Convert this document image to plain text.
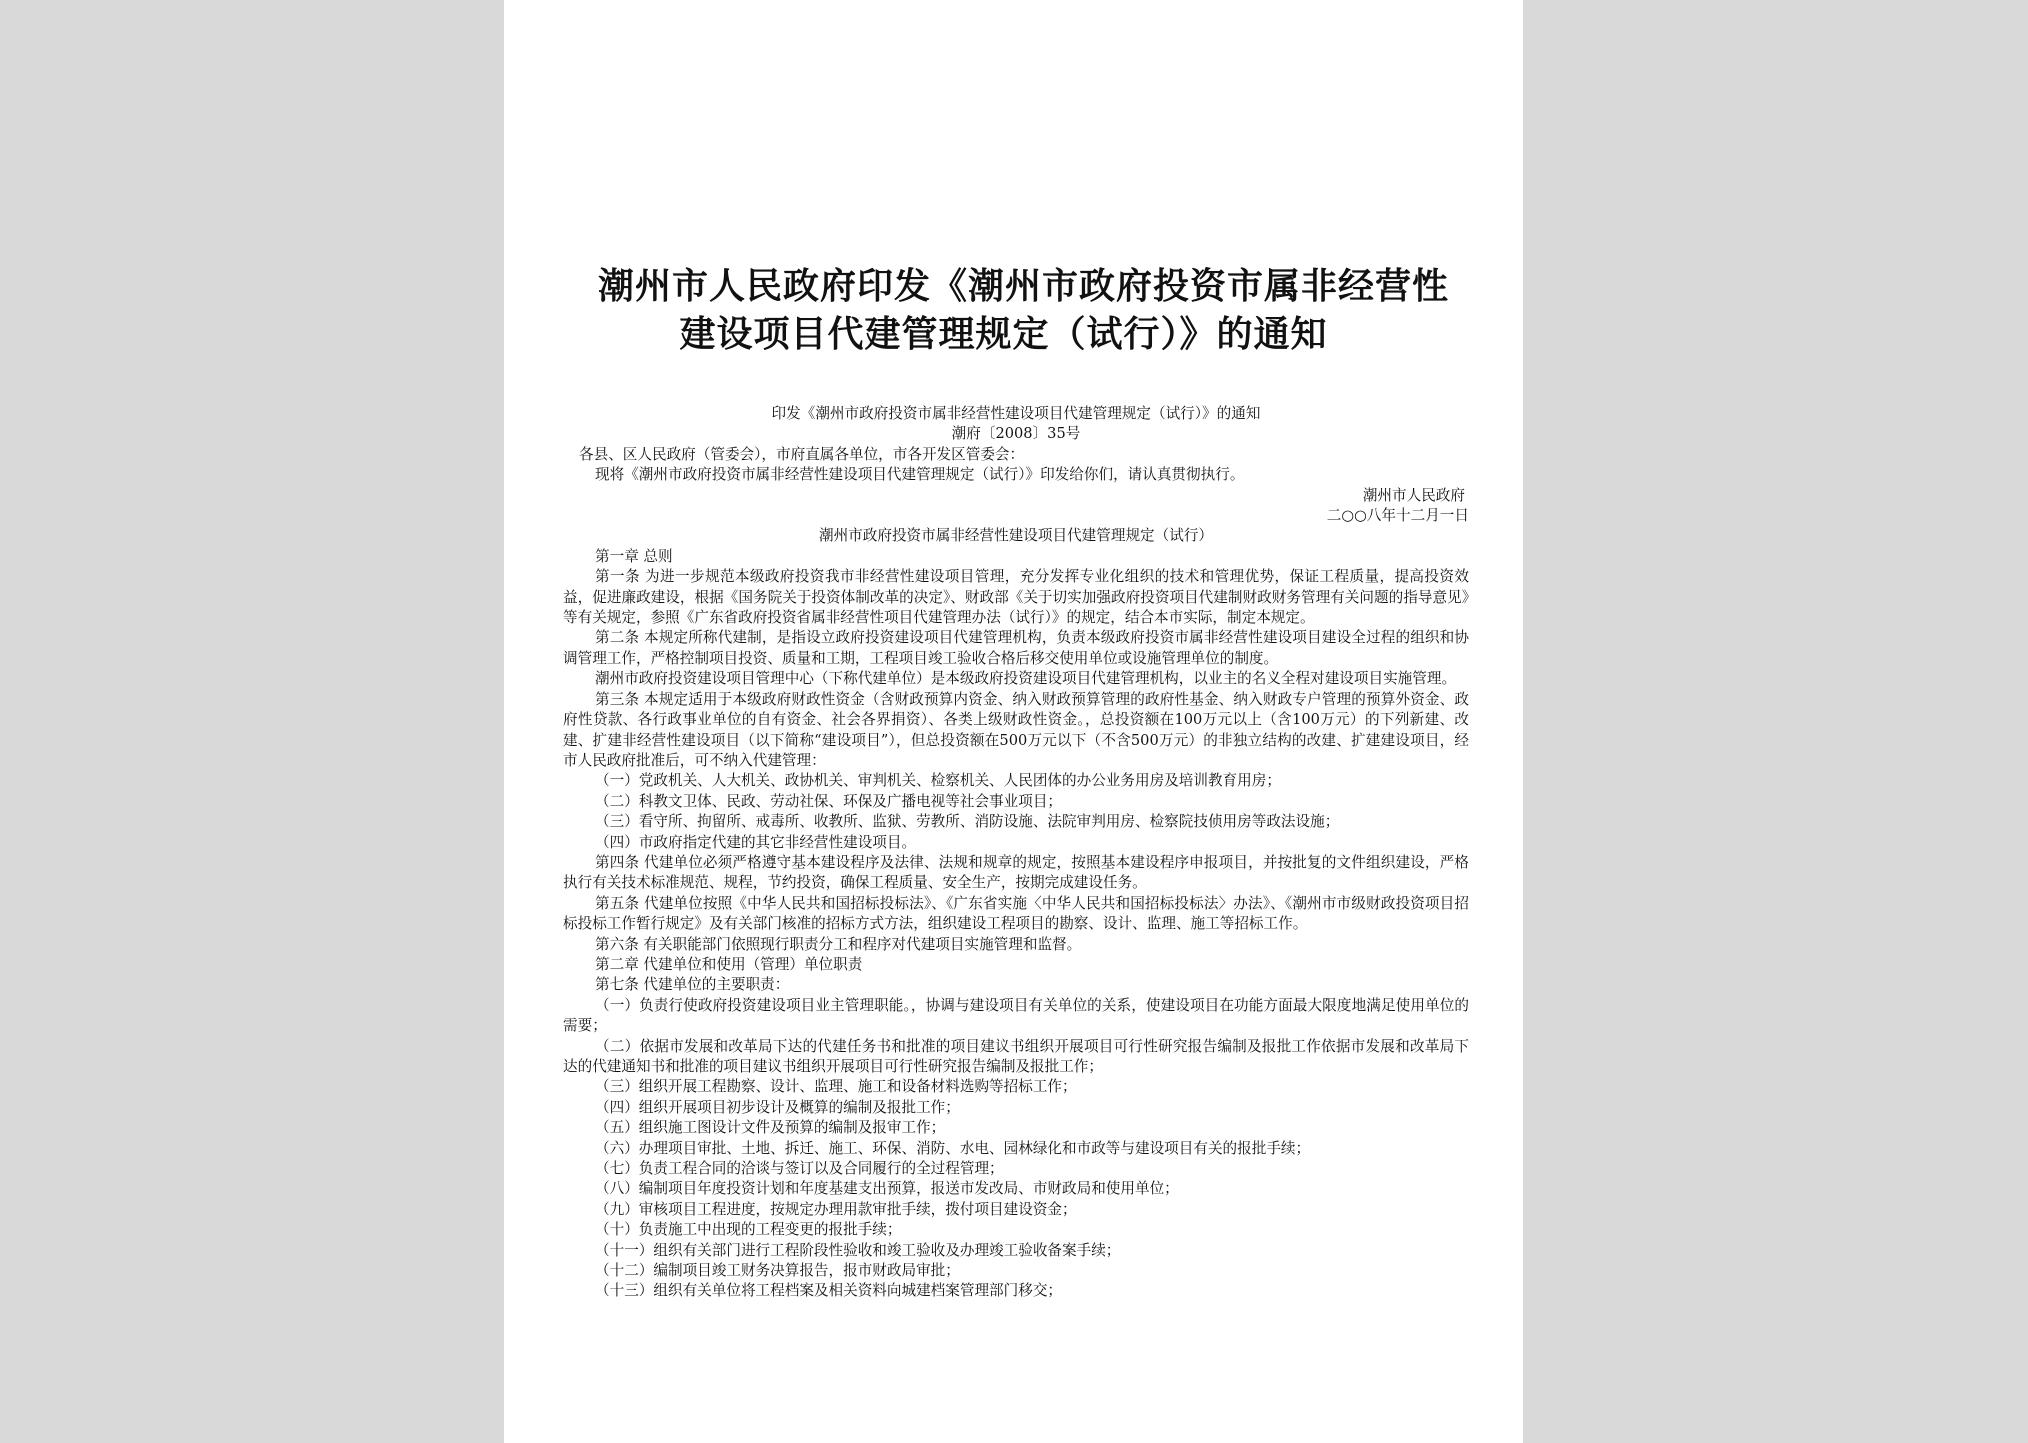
潮州市人民政府印发《潮州市政府投资市属非经营性
建设项目代建管理规定（试行）》的通知

印发《潮州市政府投资市属非经营性建设项目代建管理规定（试行）》的通知

潮府〔2008〕35号

各县、区人民政府（管委会），市府直属各单位，市各开发区管委会：

现将《潮州市政府投资市属非经营性建设项目代建管理规定（试行）》印发给你们，请认真贯彻执行。

潮州市人民政府

二○○八年十二月一日

潮州市政府投资市属非经营性建设项目代建管理规定（试行）

第一章 总则

第一条 为进一步规范本级政府投资我市非经营性建设项目管理，充分发挥专业化组织的技术和管理优势，保证工程质量，提高投资效益，促进廉政建设，根据《国务院关于投资体制改革的决定》、财政部《关于切实加强政府投资项目代建制财政财务管理有关问题的指导意见》等有关规定，参照《广东省政府投资省属非经营性项目代建管理办法（试行）》的规定，结合本市实际，制定本规定。

第二条 本规定所称代建制，是指设立政府投资建设项目代建管理机构，负责本级政府投资市属非经营性建设项目建设全过程的组织和协调管理工作，严格控制项目投资、质量和工期，工程项目竣工验收合格后移交使用单位或设施管理单位的制度。

潮州市政府投资建设项目管理中心（下称代建单位）是本级政府投资建设项目代建管理机构，以业主的名义全程对建设项目实施管理。

第三条 本规定适用于本级政府财政性资金（含财政预算内资金、纳入财政预算管理的政府性基金、纳入财政专户管理的预算外资金、政府性贷款、各行政事业单位的自有资金、社会各界捐资）、各类上级财政性资金。，总投资额在100万元以上（含100万元）的下列新建、改建、扩建非经营性建设项目（以下简称“建设项目”），但总投资额在500万元以下（不含500万元）的非独立结构的改建、扩建建设项目，经市人民政府批准后，可不纳入代建管理：

（一）党政机关、人大机关、政协机关、审判机关、检察机关、人民团体的办公业务用房及培训教育用房；

（二）科教文卫体、民政、劳动社保、环保及广播电视等社会事业项目；

（三）看守所、拘留所、戒毒所、收教所、监狱、劳教所、消防设施、法院审判用房、检察院技侦用房等政法设施；

（四）市政府指定代建的其它非经营性建设项目。

第四条 代建单位必须严格遵守基本建设程序及法律、法规和规章的规定，按照基本建设程序申报项目，并按批复的文件组织建设，严格执行有关技术标准规范、规程，节约投资，确保工程质量、安全生产，按期完成建设任务。

第五条 代建单位按照《中华人民共和国招标投标法》、《广东省实施〈中华人民共和国招标投标法〉办法》、《潮州市市级财政投资项目招标投标工作暂行规定》及有关部门核准的招标方式方法，组织建设工程项目的勘察、设计、监理、施工等招标工作。

第六条 有关职能部门依照现行职责分工和程序对代建项目实施管理和监督。

第二章 代建单位和使用（管理）单位职责

第七条 代建单位的主要职责：

（一）负责行使政府投资建设项目业主管理职能。，协调与建设项目有关单位的关系，使建设项目在功能方面最大限度地满足使用单位的需要；

（二）依据市发展和改革局下达的代建任务书和批准的项目建议书组织开展项目可行性研究报告编制及报批工作依据市发展和改革局下达的代建通知书和批准的项目建议书组织开展项目可行性研究报告编制及报批工作；

（三）组织开展工程勘察、设计、监理、施工和设备材料选购等招标工作；

（四）组织开展项目初步设计及概算的编制及报批工作；

（五）组织施工图设计文件及预算的编制及报审工作；

（六）办理项目审批、土地、拆迁、施工、环保、消防、水电、园林绿化和市政等与建设项目有关的报批手续；

（七）负责工程合同的洽谈与签订以及合同履行的全过程管理；

（八）编制项目年度投资计划和年度基建支出预算，报送市发改局、市财政局和使用单位；

（九）审核项目工程进度，按规定办理用款审批手续，拨付项目建设资金；

（十）负责施工中出现的工程变更的报批手续；

（十一）组织有关部门进行工程阶段性验收和竣工验收及办理竣工验收备案手续；

（十二）编制项目竣工财务决算报告，报市财政局审批；

（十三）组织有关单位将工程档案及相关资料向城建档案管理部门移交；
